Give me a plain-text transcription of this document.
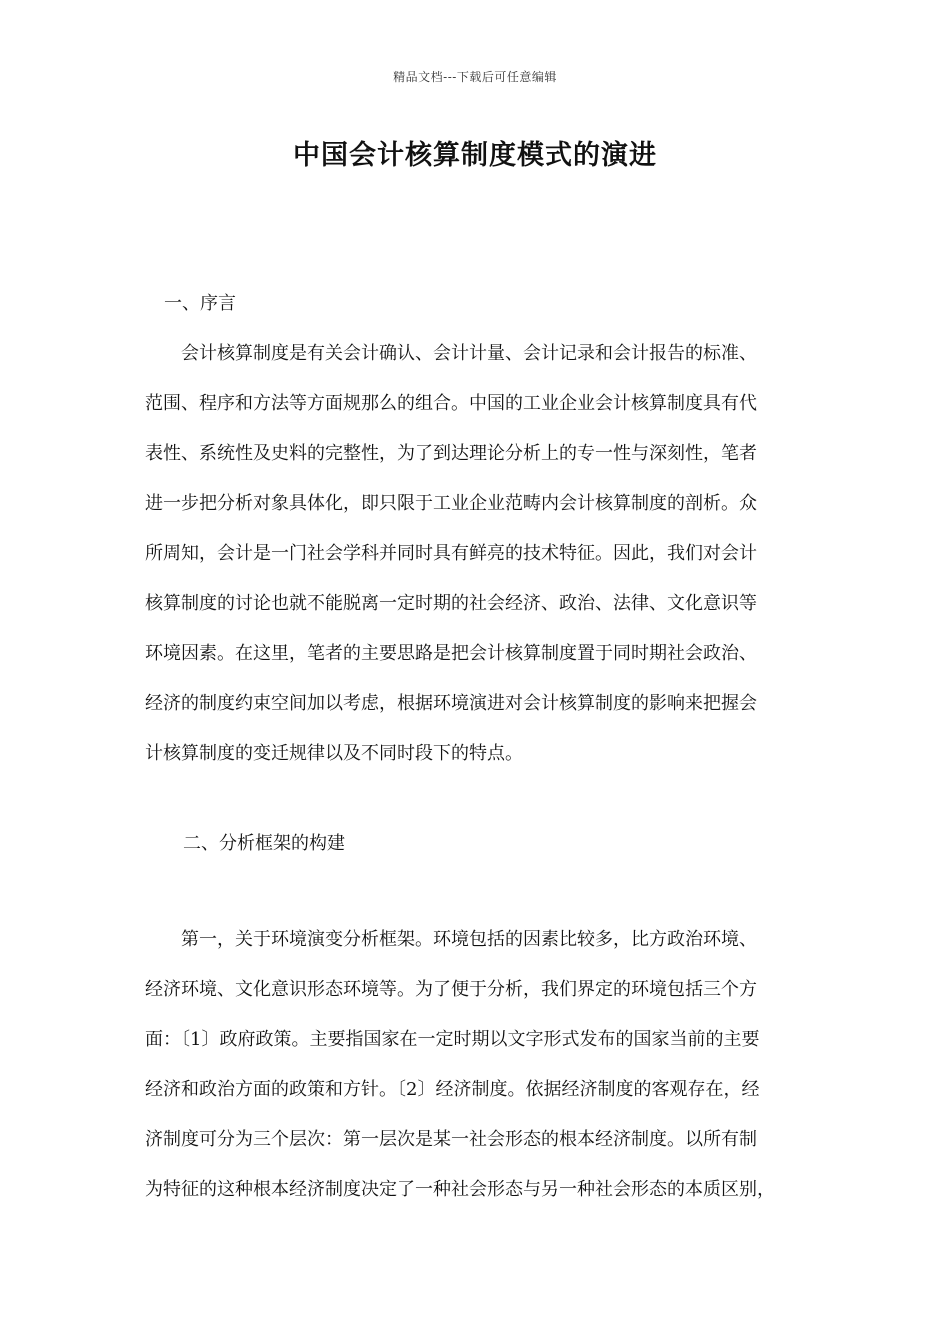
精品文档---下载后可任意编辑
中国会计核算制度模式的演进
一、序言
　　会计核算制度是有关会计确认、会计计量、会计记录和会计报告的标准、
范围、程序和方法等方面规那么的组合。中国的工业企业会计核算制度具有代
表性、系统性及史料的完整性，为了到达理论分析上的专一性与深刻性，笔者
进一步把分析对象具体化，即只限于工业企业范畴内会计核算制度的剖析。众
所周知，会计是一门社会学科并同时具有鲜亮的技术特征。因此，我们对会计
核算制度的讨论也就不能脱离一定时期的社会经济、政治、法律、文化意识等
环境因素。在这里，笔者的主要思路是把会计核算制度置于同时期社会政治、
经济的制度约束空间加以考虑，根据环境演进对会计核算制度的影响来把握会
计核算制度的变迁规律以及不同时段下的特点。
二、分析框架的构建
　　第一，关于环境演变分析框架。环境包括的因素比较多，比方政治环境、
经济环境、文化意识形态环境等。为了便于分析，我们界定的环境包括三个方
面：〔1〕政府政策。主要指国家在一定时期以文字形式发布的国家当前的主要
经济和政治方面的政策和方针。〔2〕经济制度。依据经济制度的客观存在，经
济制度可分为三个层次：第一层次是某一社会形态的根本经济制度。以所有制
为特征的这种根本经济制度决定了一种社会形态与另一种社会形态的本质区别，
